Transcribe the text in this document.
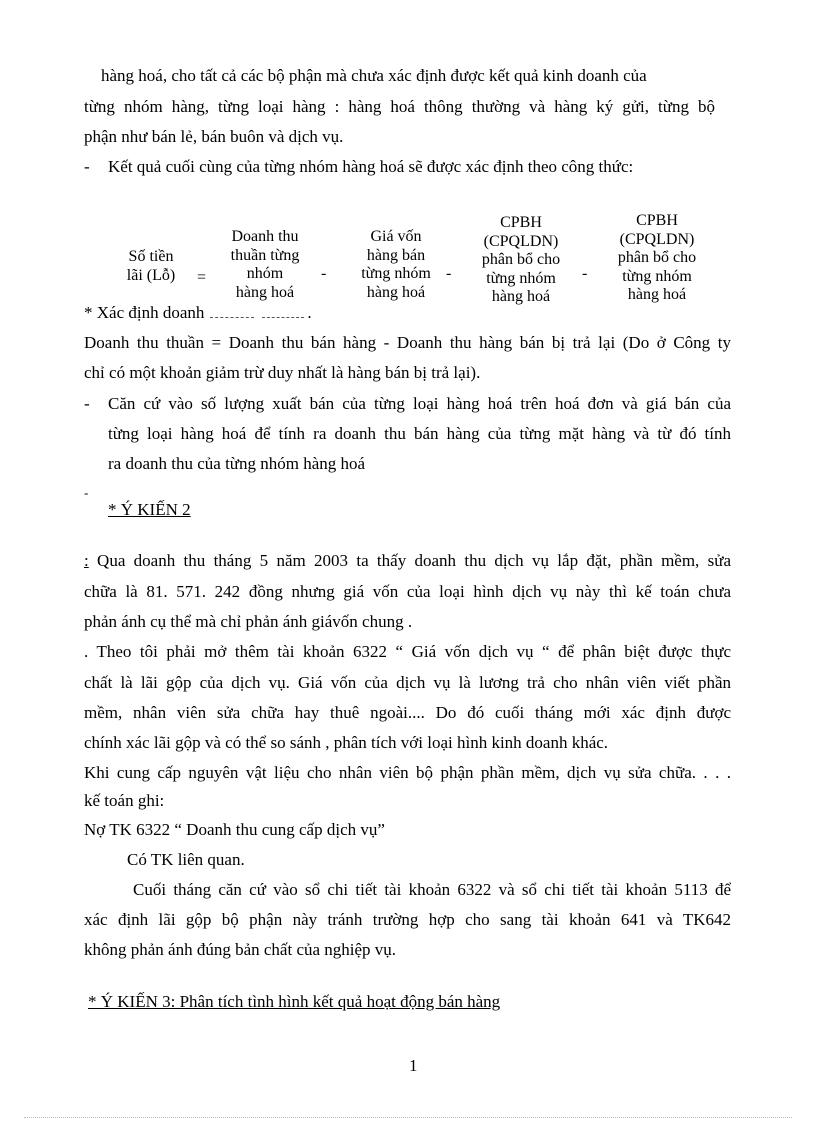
hàng hoá, cho tất cả các bộ phận mà chưa xác định được kết quả kinh doanh của
từng nhóm hàng, từng loại hàng : hàng hoá thông thường và hàng ký gửi, từng bộ
phận như bán lẻ, bán buôn và dịch vụ.
- Kết quả cuối cùng của từng nhóm hàng hoá sẽ được xác định theo công thức:
Số tiền
lãi (Lỗ)	=
Doanh thu
thuần từng
nhóm
hàng hoá
-
Giá vốn
hàng bán
từng nhóm
hàng hoá
-
CPBH
(CPQLDN)
phân bổ cho
từng nhóm
hàng hoá
-
CPBH
(CPQLDN)
phân bổ cho
từng nhóm
hàng hoá
* Xác định doanh	.
Doanh thu thuần = Doanh thu bán hàng - Doanh thu hàng bán bị trả lại (Do ở Công ty
chỉ có một khoản giảm trừ duy nhất là hàng bán bị trả lại).
- Căn cứ vào số lượng xuất bán của từng loại hàng hoá trên hoá đơn và giá bán của
từng loại hàng hoá để tính ra doanh thu bán hàng của từng mặt hàng và từ đó tính
ra doanh thu của từng nhóm hàng hoá
-
* Ý KIẾN 2
: Qua doanh thu tháng 5 năm 2003 ta thấy doanh thu dịch vụ lắp đặt, phần mềm, sửa
chữa là 81. 571. 242 đồng nhưng giá vốn của loại hình dịch vụ này thì kế toán chưa
phản ánh cụ thể mà chỉ phản ánh giávốn chung .
. Theo tôi phải mở thêm tài khoản 6322 “ Giá vốn dịch vụ “ để phân biệt được thực
chất là lãi gộp của dịch vụ. Giá vốn của dịch vụ là lương trả cho nhân viên viết phần
mềm, nhân viên sửa chữa hay thuê ngoài.... Do đó cuối tháng mới xác định được
chính xác lãi gộp và có thể so sánh , phân tích với loại hình kinh doanh khác.
Khi cung cấp nguyên vật liệu cho nhân viên bộ phận phần mềm, dịch vụ sửa chữa. . . .
kế toán ghi:
Nợ TK 6322 “ Doanh thu cung cấp dịch vụ”
Có TK liên quan.
Cuối tháng căn cứ vào sổ chi tiết tài khoản 6322 và sổ chi tiết tài khoản 5113 để
xác định lãi gộp bộ phận này tránh trường hợp cho sang tài khoản 641 và TK642
không phản ánh đúng bản chất của nghiệp vụ.
* Ý KIẾN 3: Phân tích tình hình kết quả hoạt động bán hàng
1
